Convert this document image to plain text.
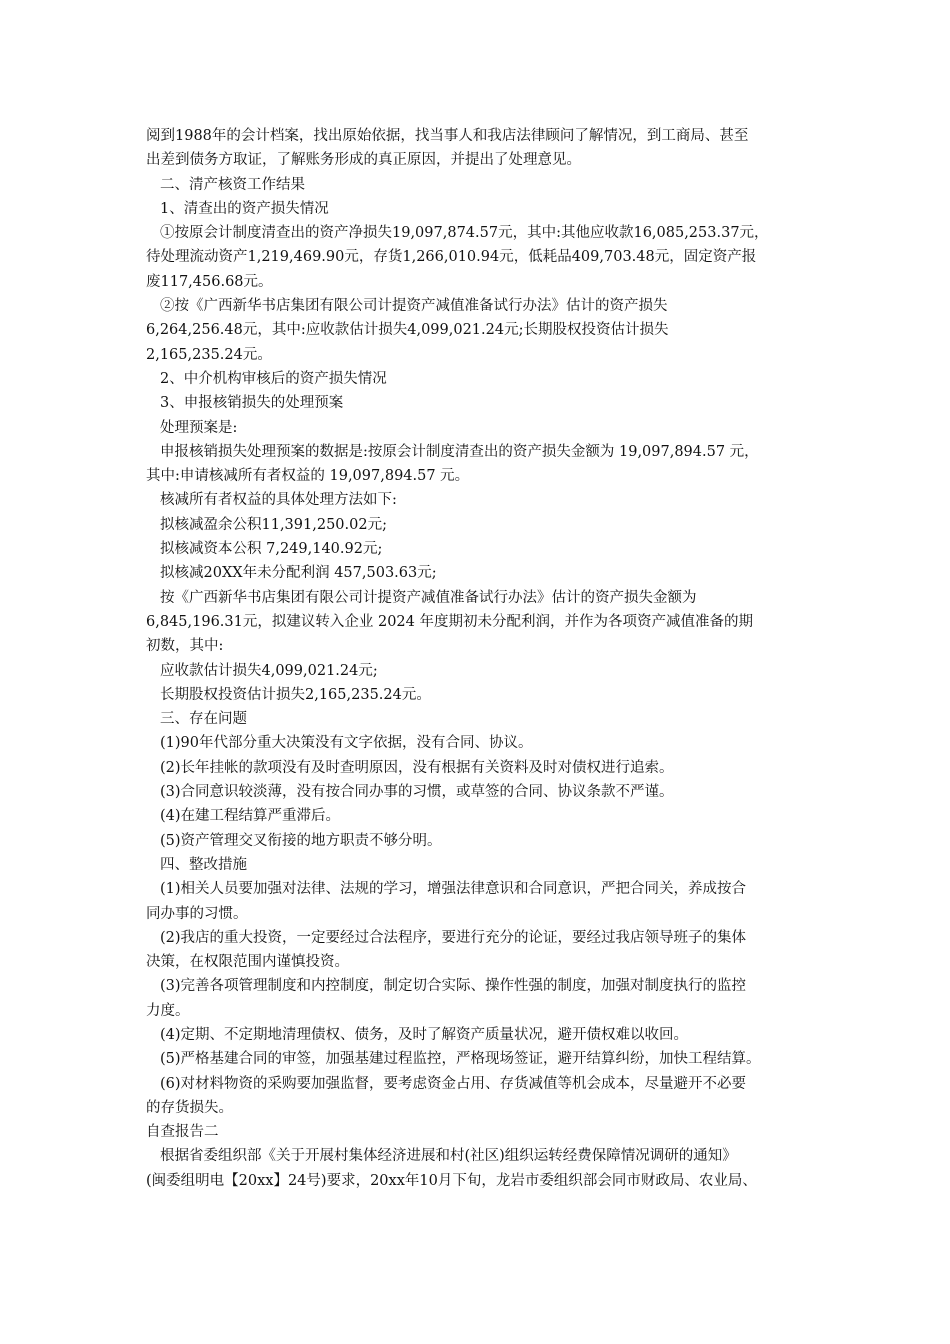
阅到1988年的会计档案，找出原始依据，找当事人和我店法律顾问了解情况，到工商局、甚至
出差到债务方取证，了解账务形成的真正原因，并提出了处理意见。
二、清产核资工作结果
1、清查出的资产损失情况
①按原会计制度清查出的资产净损失19,097,874.57元，其中:其他应收款16,085,253.37元，
待处理流动资产1,219,469.90元，存货1,266,010.94元，低耗品409,703.48元，固定资产报
废117,456.68元。
②按《广西新华书店集团有限公司计提资产减值准备试行办法》估计的资产损失
6,264,256.48元，其中:应收款估计损失4,099,021.24元;长期股权投资估计损失
2,165,235.24元。
2、中介机构审核后的资产损失情况
3、申报核销损失的处理预案
处理预案是:
申报核销损失处理预案的数据是:按原会计制度清查出的资产损失金额为 19,097,894.57 元，
其中:申请核减所有者权益的 19,097,894.57 元。
核减所有者权益的具体处理方法如下:
拟核减盈余公积11,391,250.02元;
拟核减资本公积 7,249,140.92元;
拟核减20XX年未分配利润 457,503.63元;
按《广西新华书店集团有限公司计提资产减值准备试行办法》估计的资产损失金额为
6,845,196.31元，拟建议转入企业 2024 年度期初未分配利润，并作为各项资产减值准备的期
初数，其中:
应收款估计损失4,099,021.24元;
长期股权投资估计损失2,165,235.24元。
三、存在问题
(1)90年代部分重大决策没有文字依据，没有合同、协议。
(2)长年挂帐的款项没有及时查明原因，没有根据有关资料及时对债权进行追索。
(3)合同意识较淡薄，没有按合同办事的习惯，或草签的合同、协议条款不严谨。
(4)在建工程结算严重滞后。
(5)资产管理交叉衔接的地方职责不够分明。
四、整改措施
(1)相关人员要加强对法律、法规的学习，增强法律意识和合同意识，严把合同关，养成按合
同办事的习惯。
(2)我店的重大投资，一定要经过合法程序，要进行充分的论证，要经过我店领导班子的集体
决策，在权限范围内谨慎投资。
(3)完善各项管理制度和内控制度，制定切合实际、操作性强的制度，加强对制度执行的监控
力度。
(4)定期、不定期地清理债权、债务，及时了解资产质量状况，避开债权难以收回。
(5)严格基建合同的审签，加强基建过程监控，严格现场签证，避开结算纠纷，加快工程结算。
(6)对材料物资的采购要加强监督，要考虑资金占用、存货减值等机会成本，尽量避开不必要
的存货损失。
自查报告二
根据省委组织部《关于开展村集体经济进展和村(社区)组织运转经费保障情况调研的通知》
(闽委组明电【20xx】24号)要求，20xx年10月下旬，龙岩市委组织部会同市财政局、农业局、
